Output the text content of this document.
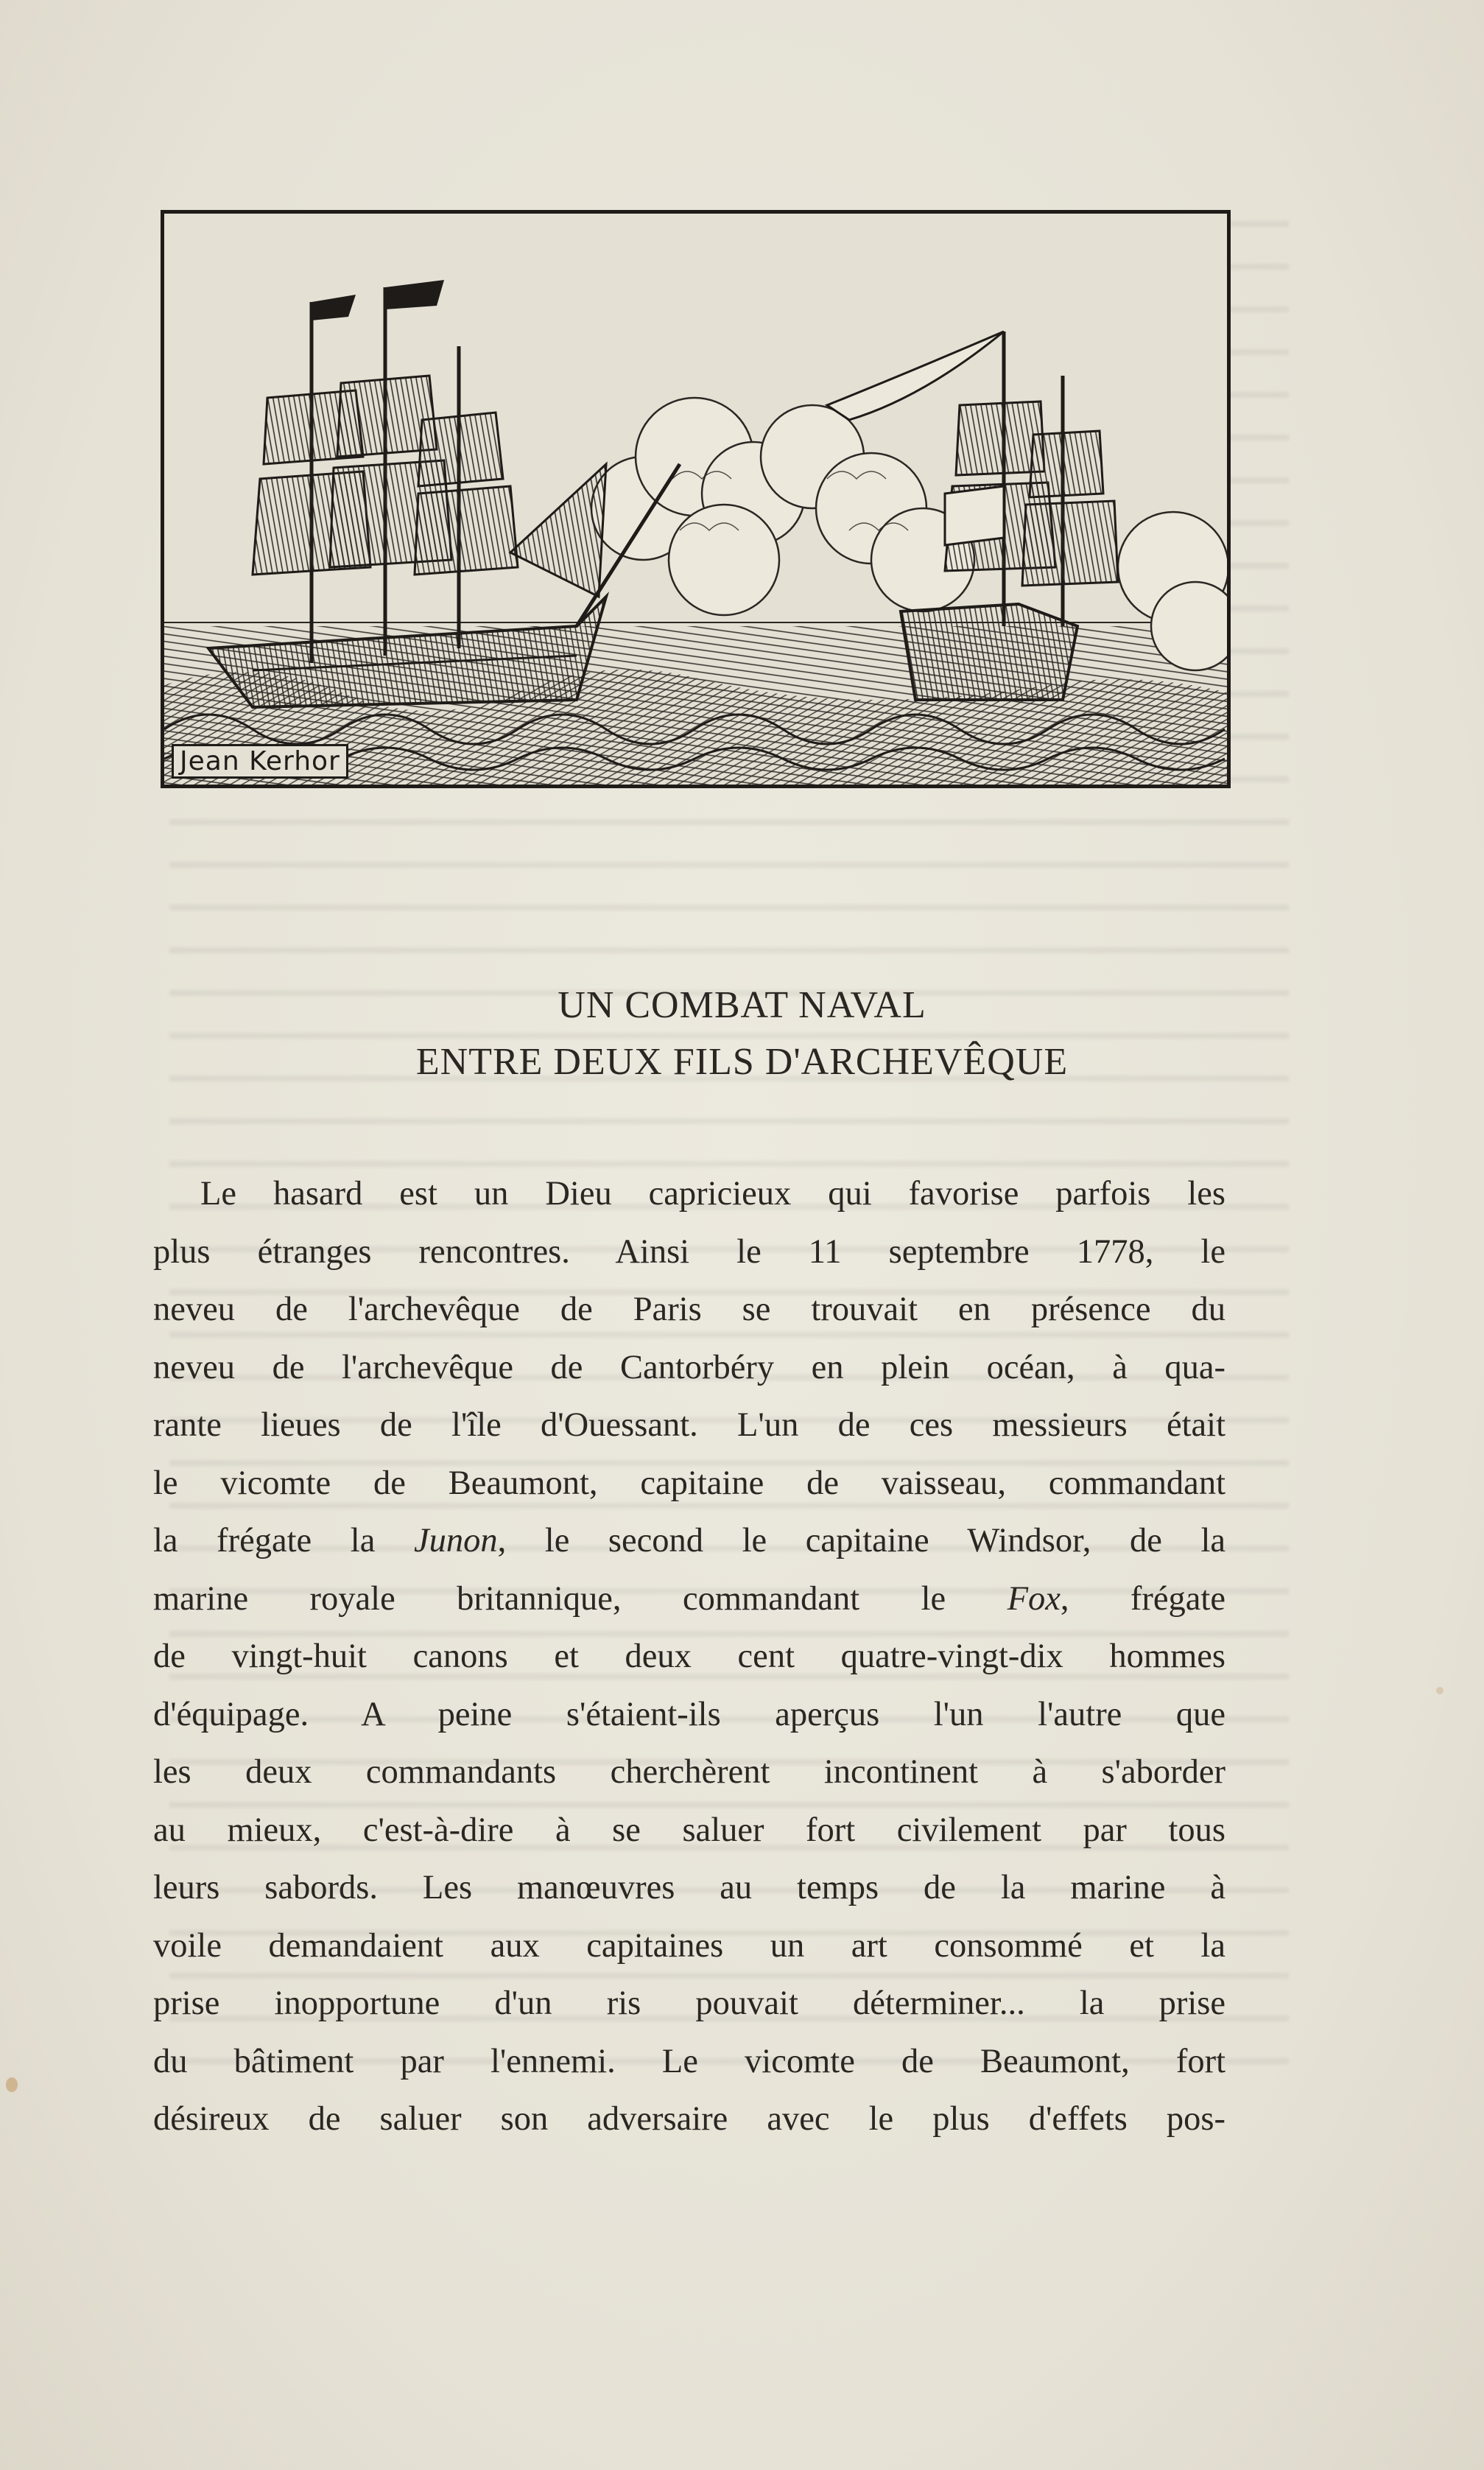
Jean Kerhor
UN COMBAT NAVAL
ENTRE DEUX FILS D'ARCHEVÊQUE
Le hasard est un Dieu capricieux qui favorise parfois les
plus étranges rencontres. Ainsi le 11 septembre 1778, le
neveu de l'archevêque de Paris se trouvait en présence du
neveu de l'archevêque de Cantorbéry en plein océan, à qua-
rante lieues de l'île d'Ouessant. L'un de ces messieurs était
le vicomte de Beaumont, capitaine de vaisseau, commandant
la frégate la Junon, le second le capitaine Windsor, de la
marine royale britannique, commandant le Fox, frégate
de vingt-huit canons et deux cent quatre-vingt-dix hommes
d'équipage. A peine s'étaient-ils aperçus l'un l'autre que
les deux commandants cherchèrent incontinent à s'aborder
au mieux, c'est-à-dire à se saluer fort civilement par tous
leurs sabords. Les manœuvres au temps de la marine à
voile demandaient aux capitaines un art consommé et la
prise inopportune d'un ris pouvait déterminer... la prise
du bâtiment par l'ennemi. Le vicomte de Beaumont, fort
désireux de saluer son adversaire avec le plus d'effets pos-
